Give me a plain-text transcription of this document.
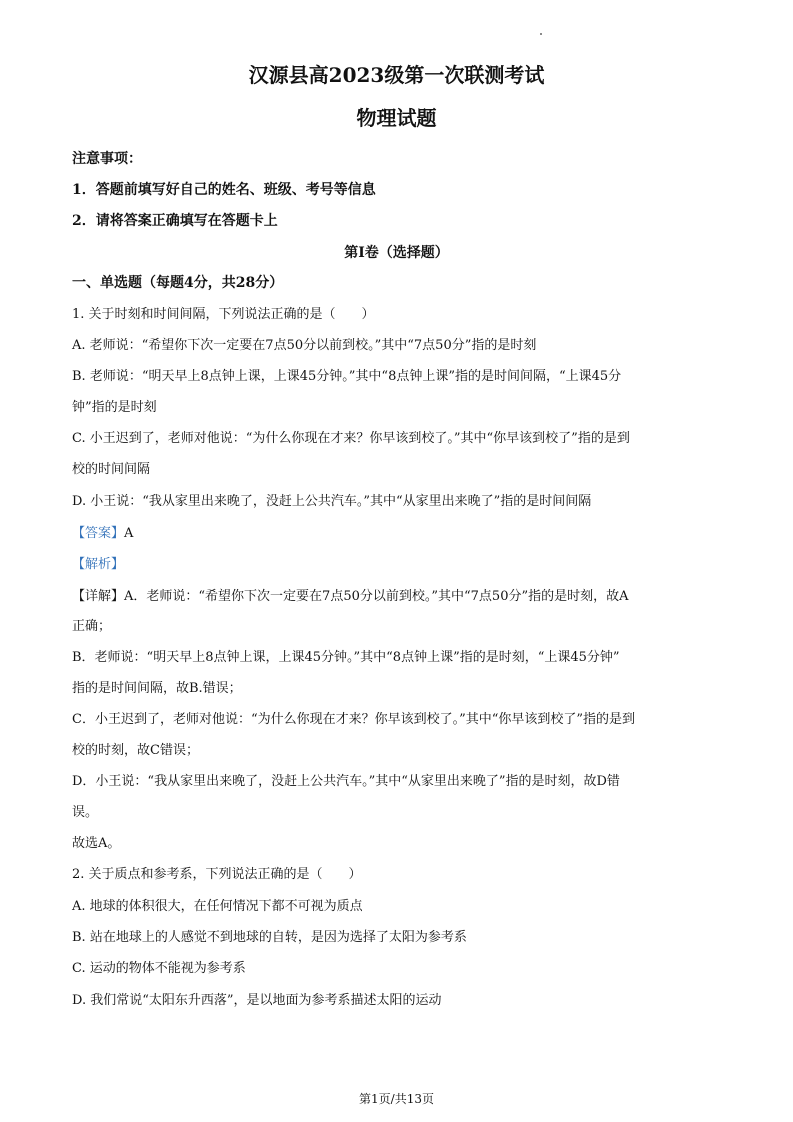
汉源县高2023级第一次联测考试
物理试题
注意事项：
1．答题前填写好自己的姓名、班级、考号等信息
2．请将答案正确填写在答题卡上
第I卷（选择题）
一、单选题（每题4分，共28分）
1. 关于时刻和时间间隔，下列说法正确的是（　　）
A. 老师说：“希望你下次一定要在7点50分以前到校。”其中“7点50分”指的是时刻
B. 老师说：“明天早上8点钟上课，上课45分钟。”其中“8点钟上课”指的是时间间隔，“上课45分
钟”指的是时刻
C. 小王迟到了，老师对他说：“为什么你现在才来？你早该到校了。”其中“你早该到校了”指的是到
校的时间间隔
D. 小王说：“我从家里出来晚了，没赶上公共汽车。”其中“从家里出来晚了”指的是时间间隔
【答案】A
【解析】
【详解】A．老师说：“希望你下次一定要在7点50分以前到校。”其中“7点50分”指的是时刻，故A
正确；
B．老师说：“明天早上8点钟上课，上课45分钟。”其中“8点钟上课”指的是时刻，“上课45分钟”
指的是时间间隔，故B.错误；
C．小王迟到了，老师对他说：“为什么你现在才来？你早该到校了。”其中“你早该到校了”指的是到
校的时刻，故C错误；
D．小王说：“我从家里出来晚了，没赶上公共汽车。”其中“从家里出来晚了”指的是时刻，故D错
误。
故选A。
2. 关于质点和参考系，下列说法正确的是（　　）
A. 地球的体积很大，在任何情况下都不可视为质点
B. 站在地球上的人感觉不到地球的自转，是因为选择了太阳为参考系
C. 运动的物体不能视为参考系
D. 我们常说“太阳东升西落”，是以地面为参考系描述太阳的运动
第1页/共13页
